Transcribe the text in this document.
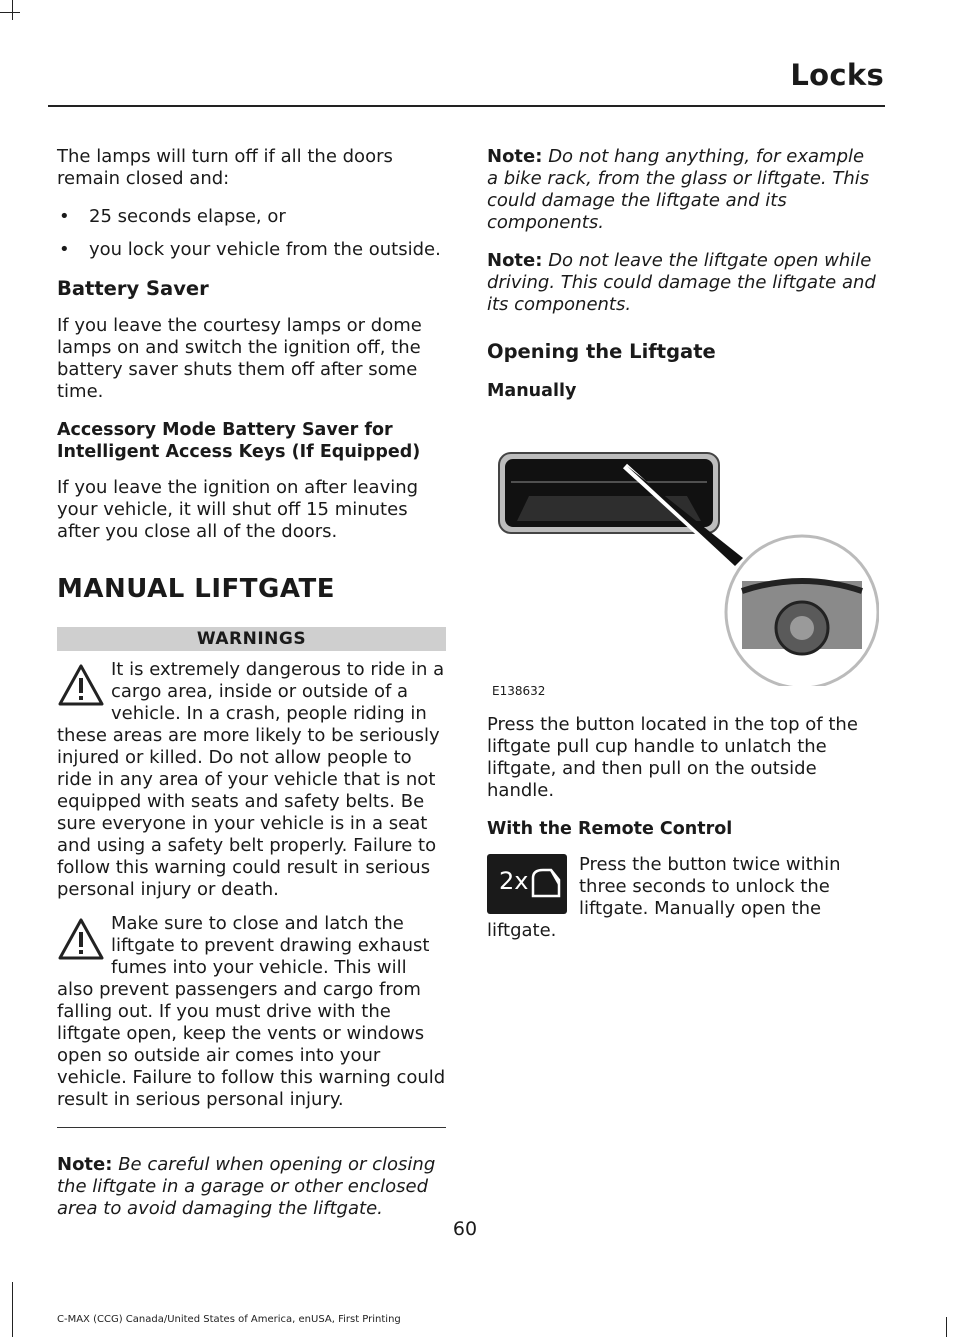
Locks

The lamps will turn off if all the doors remain closed and:

• 25 seconds elapse, or
• you lock your vehicle from the outside.
Battery Saver

If you leave the courtesy lamps or dome lamps on and switch the ignition off, the battery saver shuts them off after some time.

Accessory Mode Battery Saver for Intelligent Access Keys (If Equipped)

If you leave the ignition on after leaving your vehicle, it will shut off 15 minutes after you close all of the doors.

MANUAL LIFTGATE
WARNINGS

It is extremely dangerous to ride in a cargo area, inside or outside of a vehicle. In a crash, people riding in these areas are more likely to be seriously injured or killed. Do not allow people to ride in any area of your vehicle that is not equipped with seats and safety belts. Be sure everyone in your vehicle is in a seat and using a safety belt properly. Failure to follow this warning could result in serious personal injury or death.

Make sure to close and latch the liftgate to prevent drawing exhaust fumes into your vehicle. This will also prevent passengers and cargo from falling out. If you must drive with the liftgate open, keep the vents or windows open so outside air comes into your vehicle. Failure to follow this warning could result in serious personal injury.

Note: Be careful when opening or closing the liftgate in a garage or other enclosed area to avoid damaging the liftgate.

Note: Do not hang anything, for example a bike rack, from the glass or liftgate. This could damage the liftgate and its components.

Note: Do not leave the liftgate open while driving. This could damage the liftgate and its components.

Opening the Liftgate
Manually
E138632

Press the button located in the top of the liftgate pull cup handle to unlatch the liftgate, and then pull on the outside handle.

With the Remote Control
2x

Press the button twice within three seconds to unlock the liftgate. Manually open the liftgate.

60
C-MAX (CCG) Canada/United States of America, enUSA, First Printing
